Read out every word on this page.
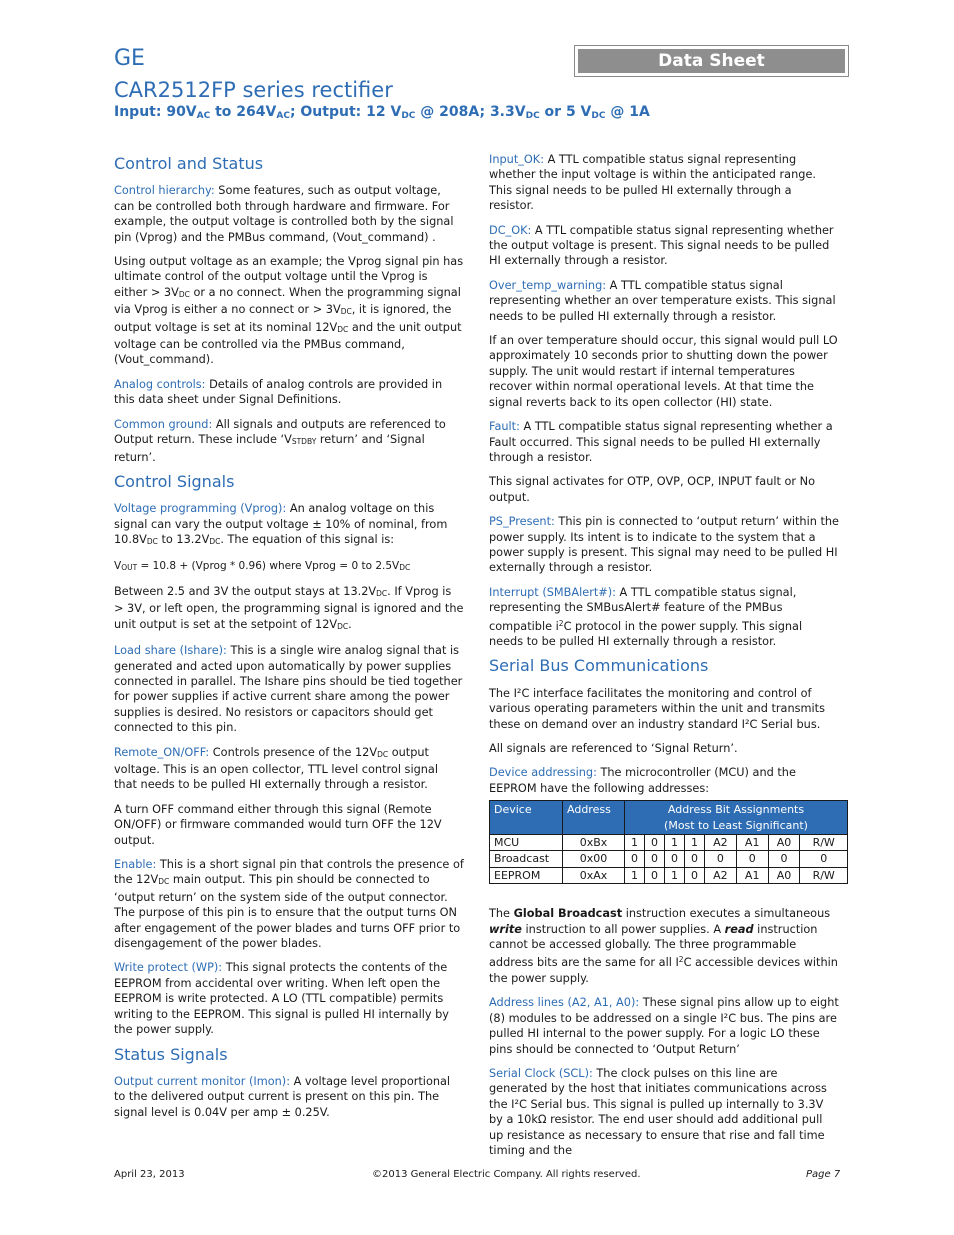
GE	Data Sheet
CAR2512FP series rectifier
Input: $90V_{AC}$ to $264V_{AC}$; Output: 12 $V_{DC}$ @ 208A; $3.3V_{DC}$ or 5 $V_{DC}$ @ 1A
Control and Status

Control hierarchy: Some features, such as output voltage, can be controlled both through hardware and firmware. For example, the output voltage is controlled both by the signal pin (Vprog) and the PMBus command, (Vout_command) .

Using output voltage as an example; the Vprog signal pin has ultimate control of the output voltage until the Vprog is either > $3V_{DC}$ or a no connect. When the programming signal via Vprog is either a no connect or > $3V_{DC}$, it is ignored, the output voltage is set at its nominal $12V_{DC}$ and the unit output voltage can be controlled via the PMBus command, (Vout_command).

Analog controls: Details of analog controls are provided in this data sheet under Signal Definitions.

Common ground: All signals and outputs are referenced to Output return. These include ‘$V_{STDBY}$ return’ and ‘Signal return’.

Control Signals

Voltage programming (Vprog): An analog voltage on this signal can vary the output voltage ± 10% of nominal, from $10.8V_{DC}$ to $13.2V_{DC}$. The equation of this signal is:

$V_{OUT} = 10.8$ + (Vprog * 0.96) where Vprog = 0 to $2.5V_{DC}$

Between 2.5 and 3V the output stays at $13.2V_{DC}$. If Vprog is > 3V, or left open, the programming signal is ignored and the unit output is set at the setpoint of $12V_{DC}$.

Load share (Ishare): This is a single wire analog signal that is generated and acted upon automatically by power supplies connected in parallel. The Ishare pins should be tied together for power supplies if active current share among the power supplies is desired. No resistors or capacitors should get connected to this pin.

Remote_ON/OFF: Controls presence of the $12V_{DC}$ output voltage. This is an open collector, TTL level control signal that needs to be pulled HI externally through a resistor.

A turn OFF command either through this signal (Remote ON/OFF) or firmware commanded would turn OFF the 12V output.

Enable: This is a short signal pin that controls the presence of the $12V_{DC}$ main output. This pin should be connected to ‘output return’ on the system side of the output connector. The purpose of this pin is to ensure that the output turns ON after engagement of the power blades and turns OFF prior to disengagement of the power blades.

Write protect (WP): This signal protects the contents of the EEPROM from accidental over writing. When left open the EEPROM is write protected. A LO (TTL compatible) permits writing to the EEPROM. This signal is pulled HI internally by the power supply.

Status Signals

Output current monitor (Imon): A voltage level proportional to the delivered output current is present on this pin. The signal level is 0.04V per amp ± 0.25V.

Input_OK: A TTL compatible status signal representing whether the input voltage is within the anticipated range. This signal needs to be pulled HI externally through a resistor.

DC_OK: A TTL compatible status signal representing whether the output voltage is present. This signal needs to be pulled HI externally through a resistor.

Over_temp_warning: A TTL compatible status signal representing whether an over temperature exists. This signal needs to be pulled HI externally through a resistor.

If an over temperature should occur, this signal would pull LO approximately 10 seconds prior to shutting down the power supply. The unit would restart if internal temperatures recover within normal operational levels. At that time the signal reverts back to its open collector (HI) state.

Fault: A TTL compatible status signal representing whether a Fault occurred. This signal needs to be pulled HI externally through a resistor.

This signal activates for OTP, OVP, OCP, INPUT fault or No output.

PS_Present: This pin is connected to ‘output return’ within the power supply. Its intent is to indicate to the system that a power supply is present. This signal may need to be pulled HI externally through a resistor.

Interrupt (SMBAlert#): A TTL compatible status signal, representing the SMBusAlert# feature of the PMBus compatible $i^2C$ protocol in the power supply. This signal needs to be pulled HI externally through a resistor.

Serial Bus Communications

The I²C interface facilitates the monitoring and control of various operating parameters within the unit and transmits these on demand over an industry standard I²C Serial bus.

All signals are referenced to ‘Signal Return’.

Device addressing: The microcontroller (MCU) and the EEPROM have the following addresses:

Device	Address	Address Bit Assignments
(Most to Least Significant)							

MCU	0xBx	1	0	1	1	A2	A1	A0	R/W
Broadcast	0x00	0	0	0	0	0	0	0	0
EEPROM	0xAx	1	0	1	0	A2	A1	A0	R/W

The Global Broadcast instruction executes a simultaneous write instruction to all power supplies. A read instruction cannot be accessed globally. The three programmable address bits are the same for all $I^2C$ accessible devices within the power supply.

Address lines (A2, A1, A0): These signal pins allow up to eight (8) modules to be addressed on a single I²C bus. The pins are pulled HI internal to the power supply. For a logic LO these pins should be connected to ‘Output Return’

Serial Clock (SCL): The clock pulses on this line are generated by the host that initiates communications across the I²C Serial bus. This signal is pulled up internally to 3.3V by a 10kΩ resistor. The end user should add additional pull up resistance as necessary to ensure that rise and fall time timing and the

April 23, 2013	©2013 General Electric Company. All rights reserved.	Page 7
